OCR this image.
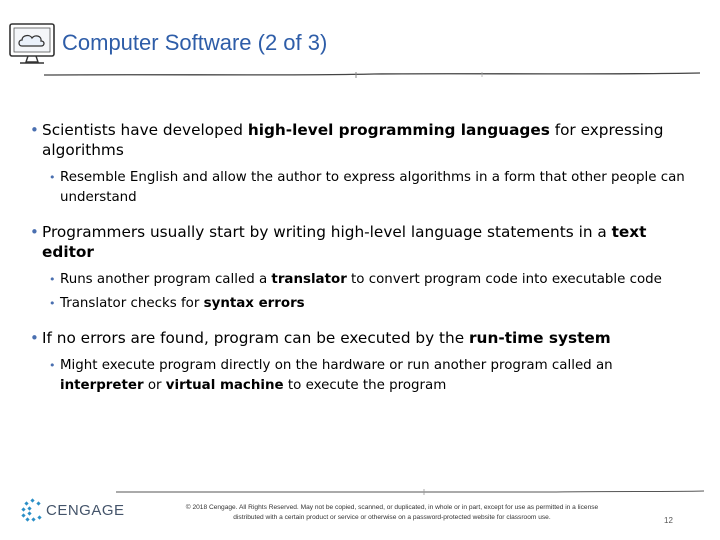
Computer Software (2 of 3)
• Scientists have developed high-level programming languages for expressing algorithms
• Resemble English and allow the author to express algorithms in a form that other people can understand
• Programmers usually start by writing high-level language statements in a text editor
• Runs another program called a translator to convert program code into executable code
• Translator checks for syntax errors
• If no errors are found, program can be executed by the run-time system
• Might execute program directly on the hardware or run another program called an interpreter or virtual machine to execute the program
CENGAGE	© 2018 Cengage. All Rights Reserved. May not be copied, scanned, or duplicated, in whole or in part, except for use as permitted in a license
distributed with a certain product or service or otherwise on a password-protected website for classroom use.	12
